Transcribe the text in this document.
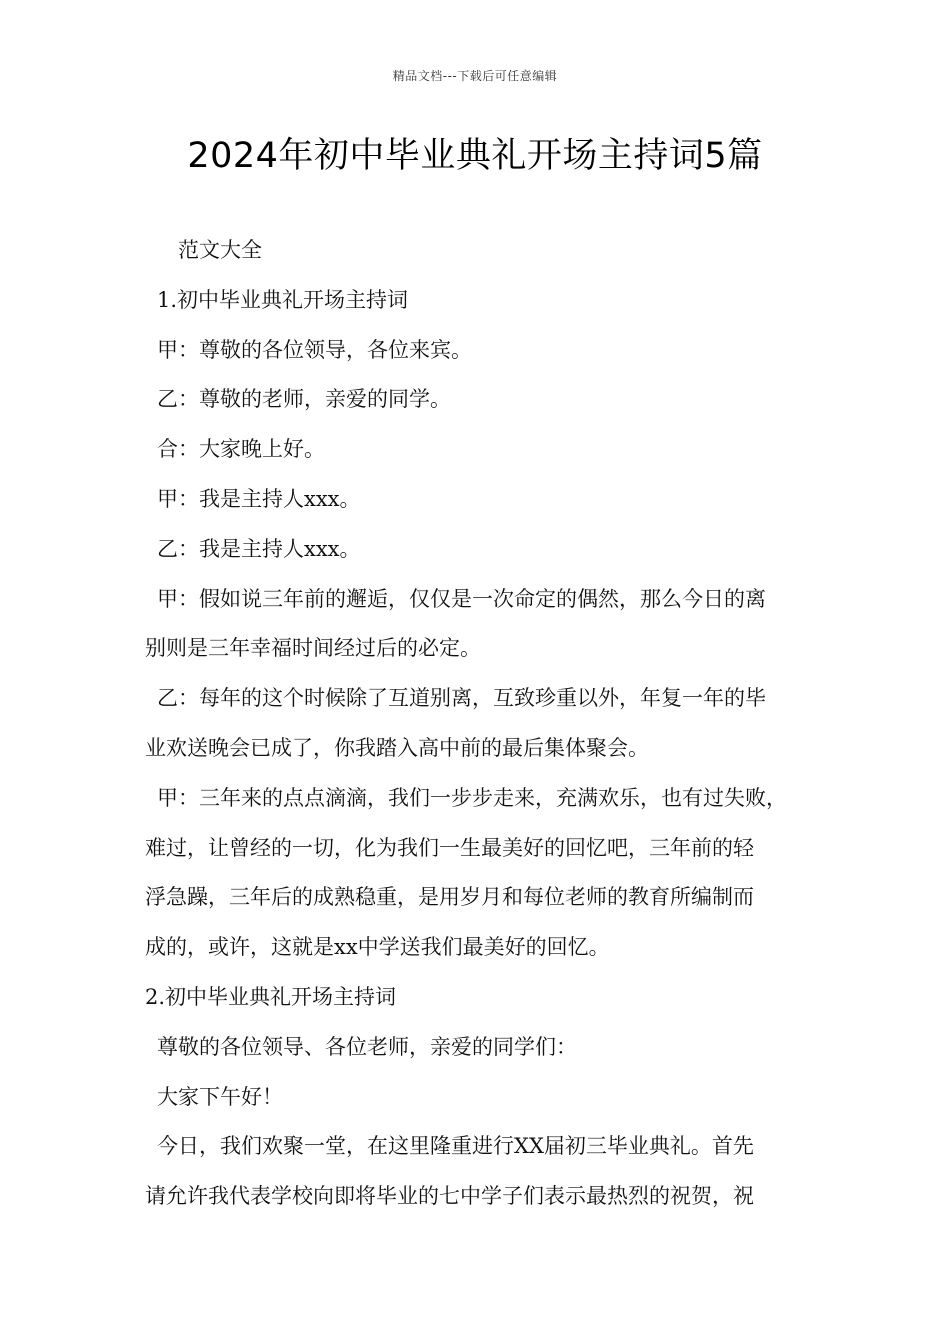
精品文档---下载后可任意编辑
2024年初中毕业典礼开场主持词5篇
范文大全
1.初中毕业典礼开场主持词
甲：尊敬的各位领导，各位来宾。
乙：尊敬的老师，亲爱的同学。
合：大家晚上好。
甲：我是主持人xxx。
乙：我是主持人xxx。
甲：假如说三年前的邂逅，仅仅是一次命定的偶然，那么今日的离
别则是三年幸福时间经过后的必定。
乙：每年的这个时候除了互道别离，互致珍重以外，年复一年的毕
业欢送晚会已成了，你我踏入高中前的最后集体聚会。
甲：三年来的点点滴滴，我们一步步走来，充满欢乐，也有过失败，
难过，让曾经的一切，化为我们一生最美好的回忆吧，三年前的轻
浮急躁，三年后的成熟稳重，是用岁月和每位老师的教育所编制而
成的，或许，这就是xx中学送我们最美好的回忆。
2.初中毕业典礼开场主持词
尊敬的各位领导、各位老师，亲爱的同学们：
大家下午好！
今日，我们欢聚一堂，在这里隆重进行XX届初三毕业典礼。首先
请允许我代表学校向即将毕业的七中学子们表示最热烈的祝贺，祝
